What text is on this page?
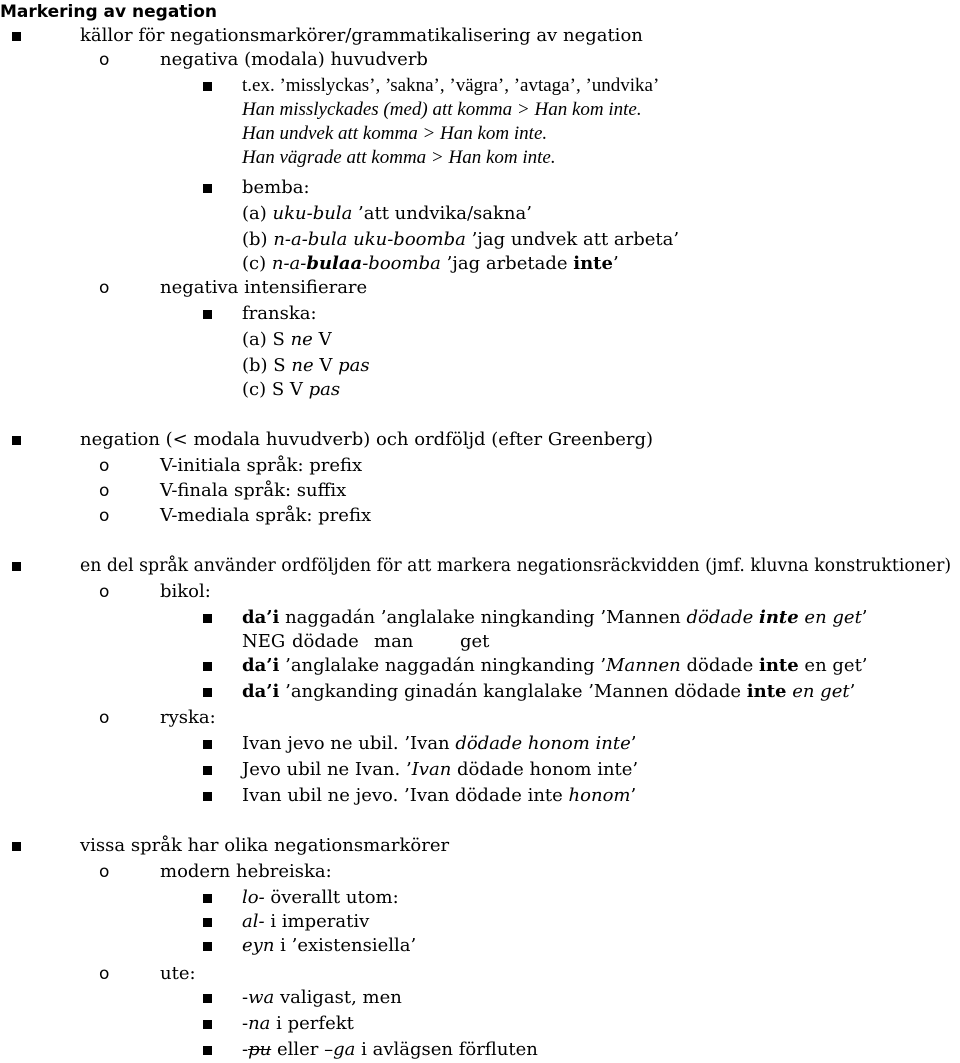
Markering av negation
källor för negationsmarkörer/grammatikalisering av negation
o	negativa (modala) huvudverb
t.ex. ’misslyckas’, ’sakna’, ’vägra’, ’avtaga’, ’undvika’
Han misslyckades (med) att komma > Han kom inte.
Han undvek att komma > Han kom inte.
Han vägrade att komma > Han kom inte.
bemba:
(a) uku-bula ’att undvika/sakna’
(b) n-a-bula uku-boomba ’jag undvek att arbeta’
(c) n-a-bulaa-boomba ’jag arbetade inte’
o	negativa intensifierare
franska:
(a) S ne V
(b) S ne V pas
(c) S V pas
negation (< modala huvudverb) och ordföljd (efter Greenberg)
o	V-initiala språk: prefix
o	V-finala språk: suffix
o	V-mediala språk: prefix
en del språk använder ordföljden för att markera negationsräckvidden (jmf. kluvna konstruktioner)
o	bikol:
da’i naggadán ’anglalake ningkanding ’Mannen dödade inte en get’
NEG dödade man	get
da’i ’anglalake naggadán ningkanding ’Mannen dödade inte en get’
da’i ’angkanding ginadán kanglalake ’Mannen dödade inte en get’
o	ryska:
Ivan jevo ne ubil. ’Ivan dödade honom inte’
Jevo ubil ne Ivan. ’Ivan dödade honom inte’
Ivan ubil ne jevo. ’Ivan dödade inte honom’
vissa språk har olika negationsmarkörer
o	modern hebreiska:
lo- överallt utom:
al- i imperativ
eyn i ’existensiella’
o	ute:
-wa valigast, men
-na i perfekt
-pu eller –ga i avlägsen förfluten
